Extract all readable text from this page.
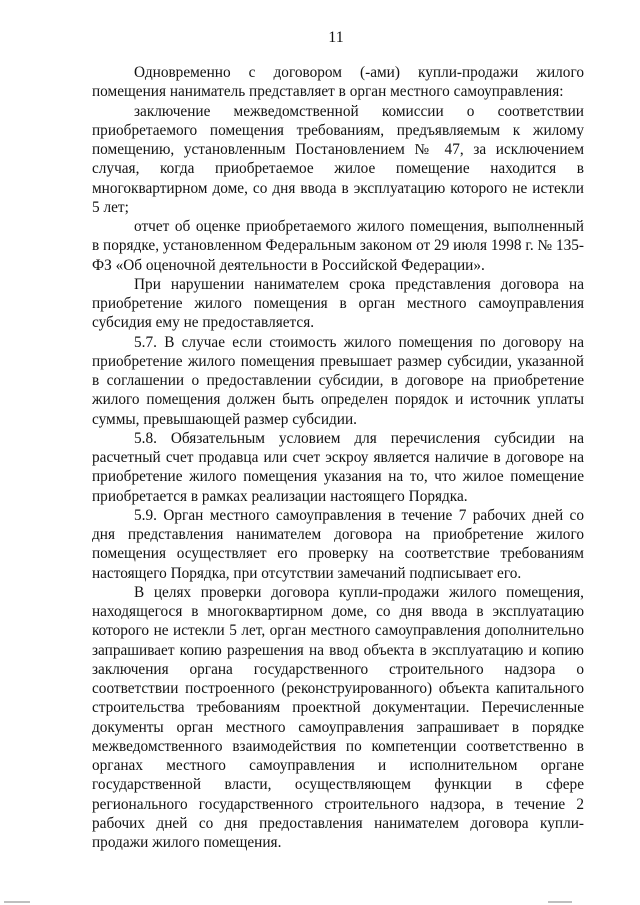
11

Одновременно с договором (-ами) купли-продажи жилого помещения наниматель представляет в орган местного самоуправления:

заключение межведомственной комиссии о соответствии приобретаемого помещения требованиям, предъявляемым к жилому помещению, установленным Постановлением № 47, за исключением случая, когда приобретаемое жилое помещение находится в многоквартирном доме, со дня ввода в эксплуатацию которого не истекли 5 лет;

отчет об оценке приобретаемого жилого помещения, выполненный в порядке, установленном Федеральным законом от 29 июля 1998 г. № 135-ФЗ «Об оценочной деятельности в Российской Федерации».

При нарушении нанимателем срока представления договора на приобретение жилого помещения в орган местного самоуправления субсидия ему не предоставляется.

5.7. В случае если стоимость жилого помещения по договору на приобретение жилого помещения превышает размер субсидии, указанной в соглашении о предоставлении субсидии, в договоре на приобретение жилого помещения должен быть определен порядок и источник уплаты суммы, превышающей размер субсидии.

5.8. Обязательным условием для перечисления субсидии на расчетный счет продавца или счет эскроу является наличие в договоре на приобретение жилого помещения указания на то, что жилое помещение приобретается в рамках реализации настоящего Порядка.

5.9. Орган местного самоуправления в течение 7 рабочих дней со дня представления нанимателем договора на приобретение жилого помещения осуществляет его проверку на соответствие требованиям настоящего Порядка, при отсутствии замечаний подписывает его.

В целях проверки договора купли-продажи жилого помещения, находящегося в многоквартирном доме, со дня ввода в эксплуатацию которого не истекли 5 лет, орган местного самоуправления дополнительно запрашивает копию разрешения на ввод объекта в эксплуатацию и копию заключения органа государственного строительного надзора о соответствии построенного (реконструированного) объекта капитального строительства требованиям проектной документации. Перечисленные документы орган местного самоуправления запрашивает в порядке межведомственного взаимодействия по компетенции соответственно в органах местного самоуправления и исполнительном органе государственной власти, осуществляющем функции в сфере регионального государственного строительного надзора, в течение 2 рабочих дней со дня предоставления нанимателем договора купли-продажи жилого помещения.
